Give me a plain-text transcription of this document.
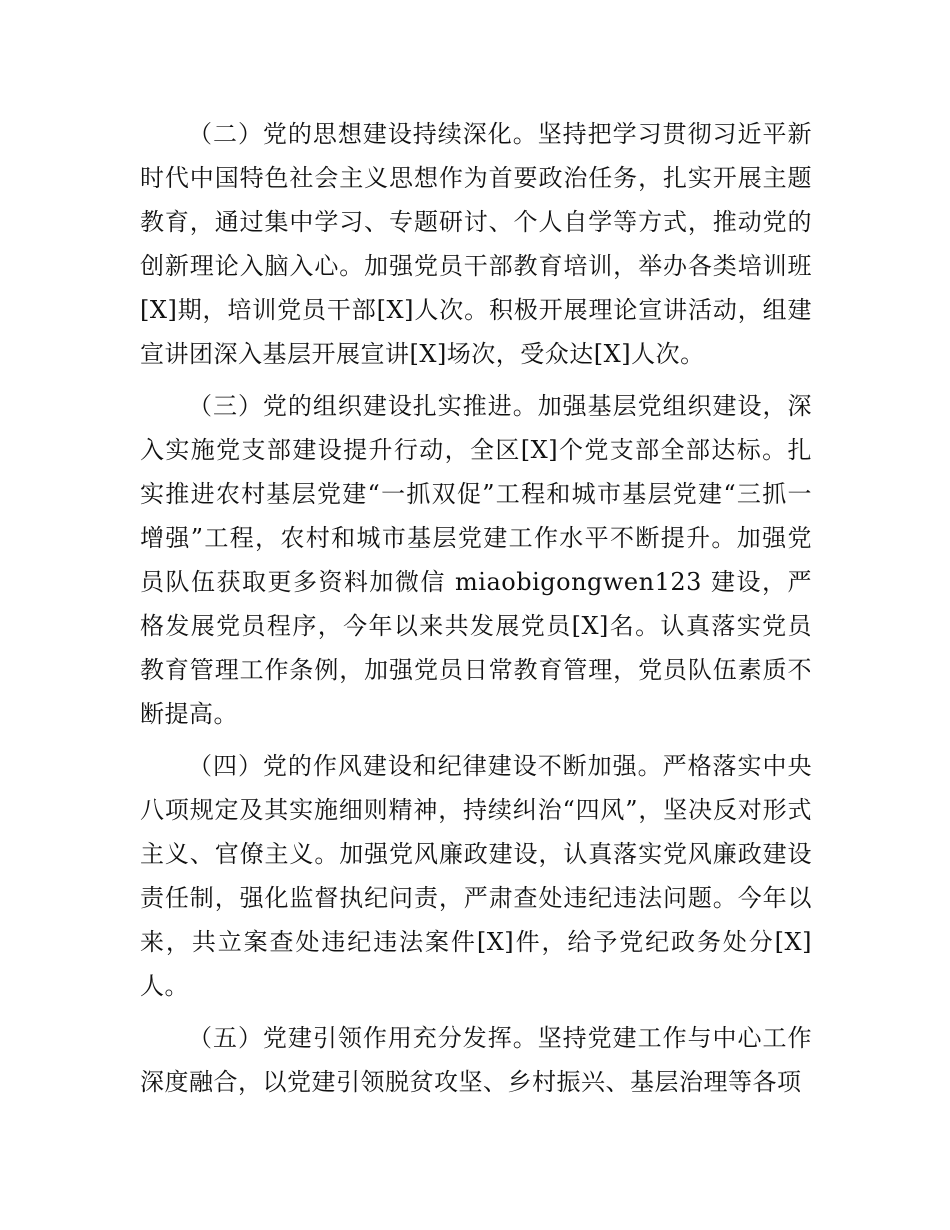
（二）党的思想建设持续深化。坚持把学习贯彻习近平新时代中国特色社会主义思想作为首要政治任务，扎实开展主题教育，通过集中学习、专题研讨、个人自学等方式，推动党的创新理论入脑入心。加强党员干部教育培训，举办各类培训班[X]期，培训党员干部[X]人次。积极开展理论宣讲活动，组建宣讲团深入基层开展宣讲[X]场次，受众达[X]人次。

（三）党的组织建设扎实推进。加强基层党组织建设，深入实施党支部建设提升行动，全区[X]个党支部全部达标。扎实推进农村基层党建“一抓双促”工程和城市基层党建“三抓一增强”工程，农村和城市基层党建工作水平不断提升。加强党员队伍获取更多资料加微信 miaobigongwen123 建设，严格发展党员程序，今年以来共发展党员[X]名。认真落实党员教育管理工作条例，加强党员日常教育管理，党员队伍素质不断提高。

（四）党的作风建设和纪律建设不断加强。严格落实中央八项规定及其实施细则精神，持续纠治“四风”，坚决反对形式主义、官僚主义。加强党风廉政建设，认真落实党风廉政建设责任制，强化监督执纪问责，严肃查处违纪违法问题。今年以来，共立案查处违纪违法案件[X]件，给予党纪政务处分[X]人。

（五）党建引领作用充分发挥。坚持党建工作与中心工作深度融合，以党建引领脱贫攻坚、乡村振兴、基层治理等各项
